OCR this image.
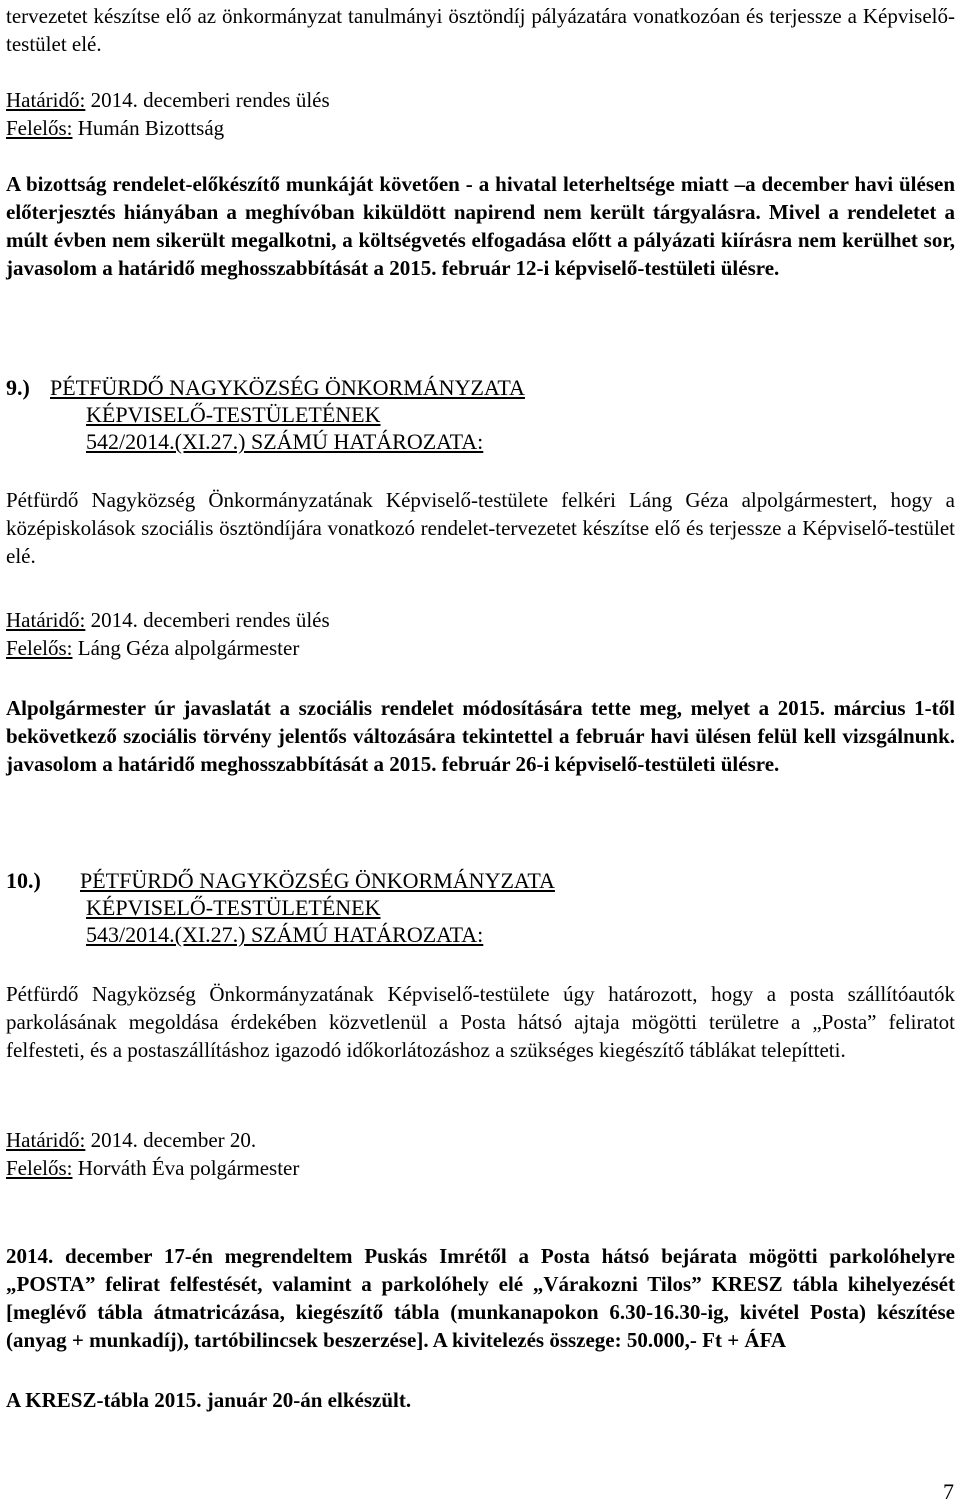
tervezetet készítse elő az önkormányzat tanulmányi ösztöndíj pályázatára vonatkozóan és terjessze a Képviselő-testület elé.

Határidő: 2014. decemberi rendes ülés

Felelős: Humán Bizottság

A bizottság rendelet-előkészítő munkáját követően - a hivatal leterheltsége miatt –a december havi ülésen előterjesztés hiányában a meghívóban kiküldött napirend nem került tárgyalásra. Mivel a rendeletet a múlt évben nem sikerült megalkotni, a költségvetés elfogadása előtt a pályázati kiírásra nem kerülhet sor, javasolom a határidő meghosszabbítását a 2015. február 12-i képviselő-testületi ülésre.

9.) PÉTFÜRDŐ NAGYKÖZSÉG ÖNKORMÁNYZATA
KÉPVISELŐ-TESTÜLETÉNEK
542/2014.(XI.27.) SZÁMÚ HATÁROZATA:

Pétfürdő Nagyközség Önkormányzatának Képviselő-testülete felkéri Láng Géza alpolgármestert, hogy a középiskolások szociális ösztöndíjára vonatkozó rendelet-tervezetet készítse elő és terjessze a Képviselő-testület elé.

Határidő: 2014. decemberi rendes ülés

Felelős: Láng Géza alpolgármester

Alpolgármester úr javaslatát a szociális rendelet módosítására tette meg, melyet a 2015. március 1-től bekövetkező szociális törvény jelentős változására tekintettel a február havi ülésen felül kell vizsgálnunk. javasolom a határidő meghosszabbítását a 2015. február 26-i képviselő-testületi ülésre.

10.) PÉTFÜRDŐ NAGYKÖZSÉG ÖNKORMÁNYZATA
KÉPVISELŐ-TESTÜLETÉNEK
543/2014.(XI.27.) SZÁMÚ HATÁROZATA:

Pétfürdő Nagyközség Önkormányzatának Képviselő-testülete úgy határozott, hogy a posta szállítóautók parkolásának megoldása érdekében közvetlenül a Posta hátsó ajtaja mögötti területre a „Posta” feliratot felfesteti, és a postaszállításhoz igazodó időkorlátozáshoz a szükséges kiegészítő táblákat telepítteti.

Határidő: 2014. december 20.

Felelős: Horváth Éva polgármester

2014. december 17-én megrendeltem Puskás Imrétől a Posta hátsó bejárata mögötti parkolóhelyre „POSTA” felirat felfestését, valamint a parkolóhely elé „Várakozni Tilos” KRESZ tábla kihelyezését [meglévő tábla átmatricázása, kiegészítő tábla (munkanapokon 6.30-16.30-ig, kivétel Posta) készítése (anyag + munkadíj), tartóbilincsek beszerzése]. A kivitelezés összege: 50.000,- Ft + ÁFA

A KRESZ-tábla 2015. január 20-án elkészült.

7
